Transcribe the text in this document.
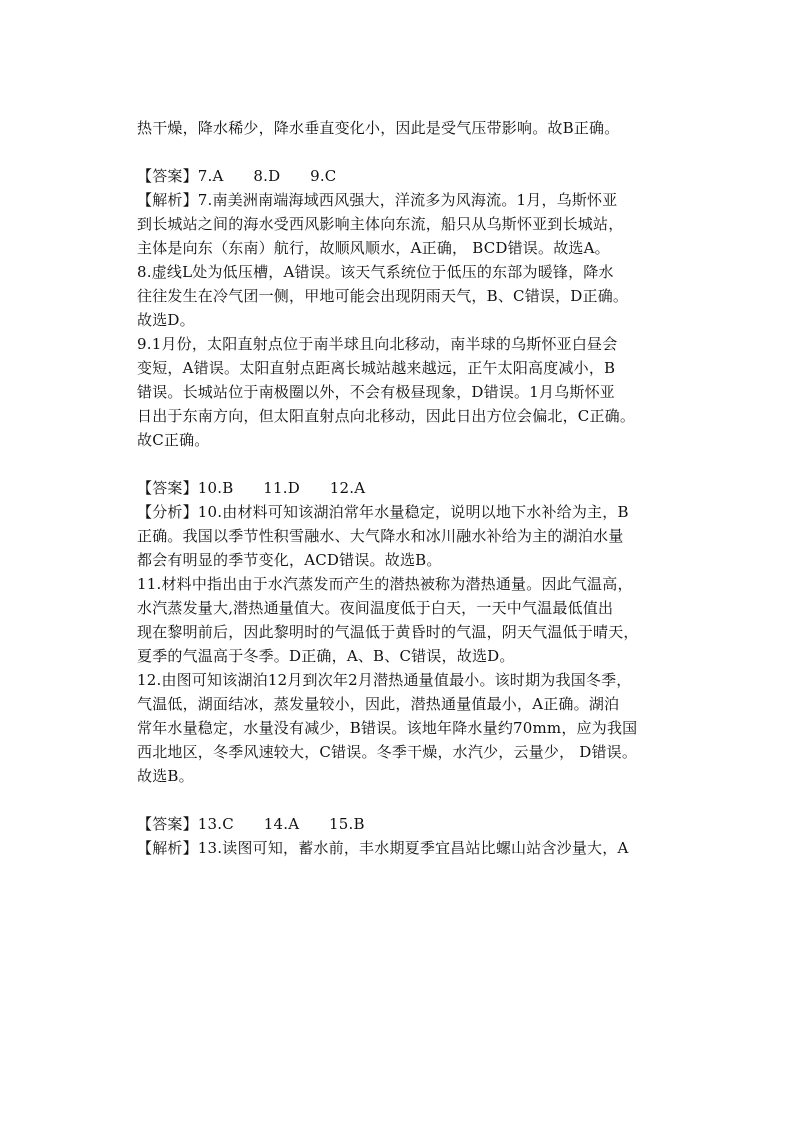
热干燥，降水稀少，降水垂直变化小，因此是受气压带影响。故B正确。
【答案】7.A      8.D      9.C
【解析】7.南美洲南端海域西风强大，洋流多为风海流。1月，乌斯怀亚
到长城站之间的海水受西风影响主体向东流，船只从乌斯怀亚到长城站，
主体是向东（东南）航行，故顺风顺水，A正确， BCD错误。故选A。
8.虚线L处为低压槽，A错误。该天气系统位于低压的东部为暖锋，降水
往往发生在冷气团一侧，甲地可能会出现阴雨天气，B、C错误，D正确。
故选D。
9.1月份，太阳直射点位于南半球且向北移动，南半球的乌斯怀亚白昼会
变短，A错误。太阳直射点距离长城站越来越远，正午太阳高度减小，B
错误。长城站位于南极圈以外，不会有极昼现象，D错误。1月乌斯怀亚
日出于东南方向，但太阳直射点向北移动，因此日出方位会偏北，C正确。
故C正确。
【答案】10.B      11.D      12.A
【分析】10.由材料可知该湖泊常年水量稳定，说明以地下水补给为主，B
正确。我国以季节性积雪融水、大气降水和冰川融水补给为主的湖泊水量
都会有明显的季节变化，ACD错误。故选B。
11.材料中指出由于水汽蒸发而产生的潜热被称为潜热通量。因此气温高，
水汽蒸发量大,潜热通量值大。夜间温度低于白天，一天中气温最低值出
现在黎明前后，因此黎明时的气温低于黄昏时的气温，阴天气温低于晴天，
夏季的气温高于冬季。D正确，A、B、C错误，故选D。
12.由图可知该湖泊12月到次年2月潜热通量值最小。该时期为我国冬季，
气温低，湖面结冰，蒸发量较小，因此，潜热通量值最小，A正确。湖泊
常年水量稳定，水量没有减少，B错误。该地年降水量约70mm，应为我国
西北地区，冬季风速较大，C错误。冬季干燥，水汽少，云量少， D错误。
故选B。
【答案】13.C      14.A      15.B
【解析】13.读图可知，蓄水前，丰水期夏季宜昌站比螺山站含沙量大，A
